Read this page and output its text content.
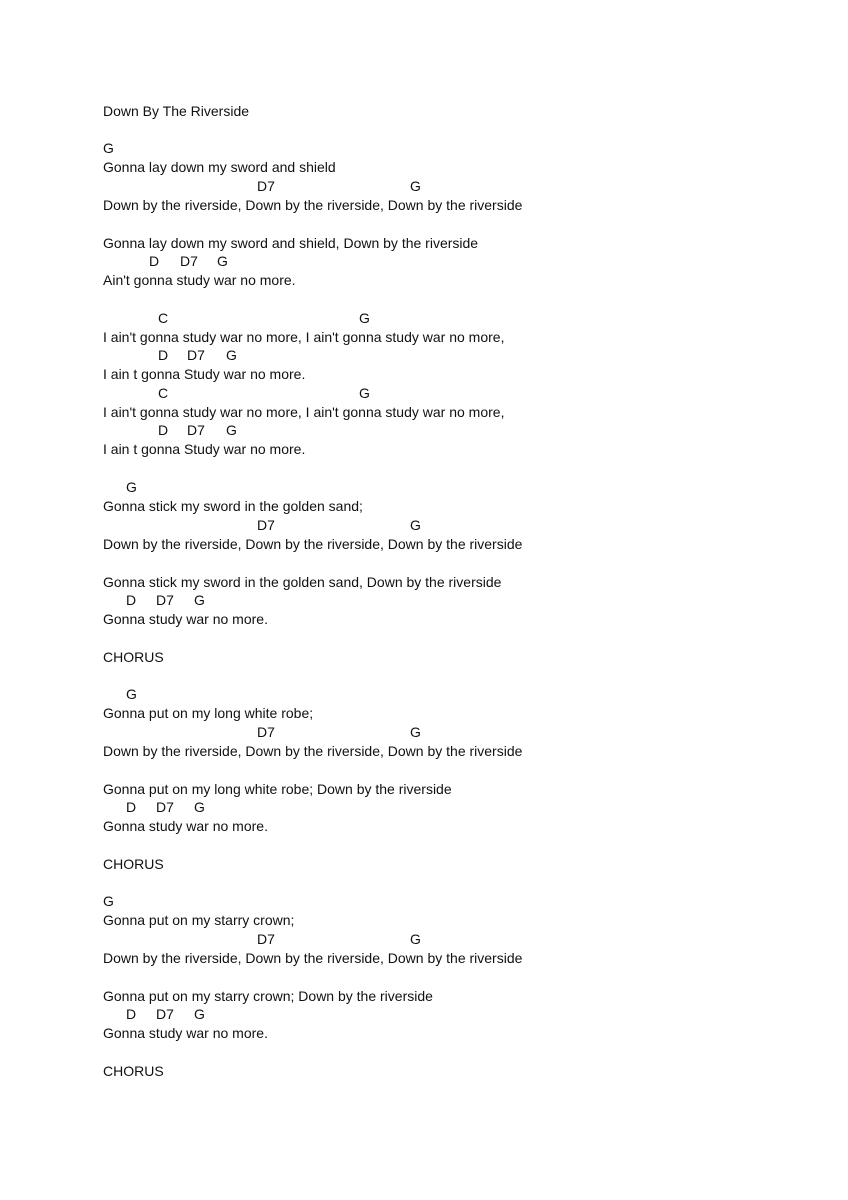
Down By The Riverside
G
Gonna lay down my sword and shield
D7	G
Down by the riverside, Down by the riverside, Down by the riverside
Gonna lay down my sword and shield, Down by the riverside
D D7 G
Ain't gonna study war no more.
C	G
I ain't gonna study war no more, I ain't gonna study war no more,
D D7 G
I ain t gonna Study war no more.
C	G
I ain't gonna study war no more, I ain't gonna study war no more,
D D7 G
I ain t gonna Study war no more.
G
Gonna stick my sword in the golden sand;
D7	G
Down by the riverside, Down by the riverside, Down by the riverside
Gonna stick my sword in the golden sand, Down by the riverside
D D7 G
Gonna study war no more.
CHORUS
G
Gonna put on my long white robe;
D7	G
Down by the riverside, Down by the riverside, Down by the riverside
Gonna put on my long white robe; Down by the riverside
D D7 G
Gonna study war no more.
CHORUS
G
Gonna put on my starry crown;
D7	G
Down by the riverside, Down by the riverside, Down by the riverside
Gonna put on my starry crown; Down by the riverside
D D7 G
Gonna study war no more.
CHORUS
